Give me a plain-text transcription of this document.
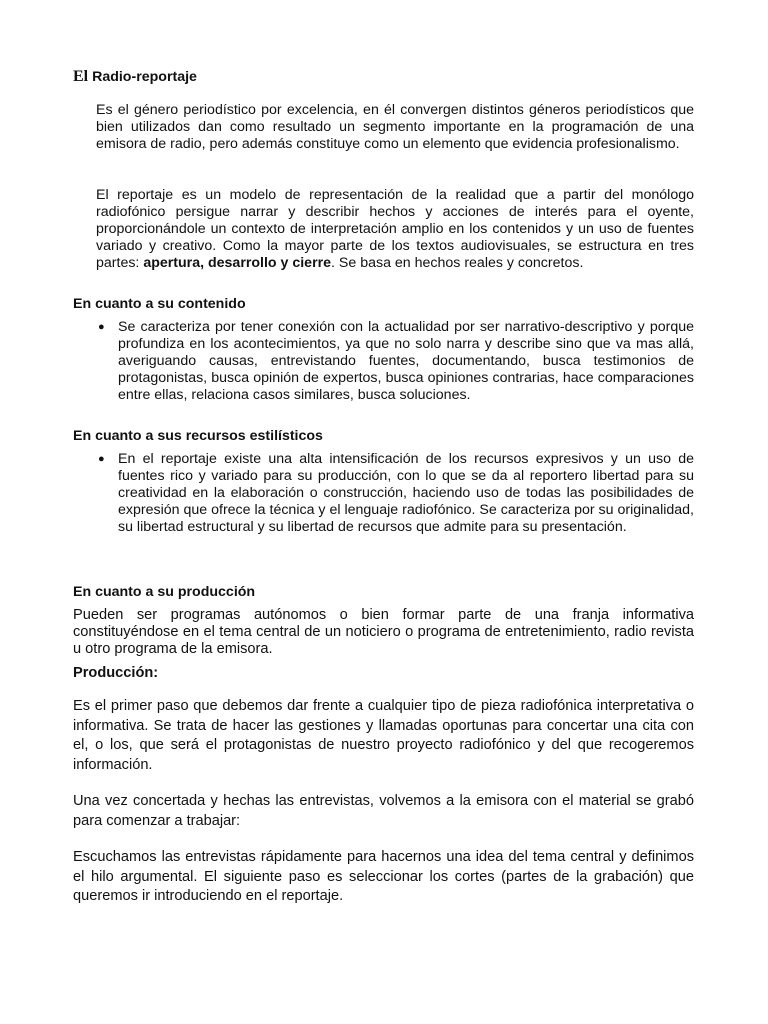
El Radio-reportaje

Es el género periodístico por excelencia, en él convergen distintos géneros periodísticos que bien utilizados dan como resultado un segmento importante en la programación de una emisora de radio, pero además constituye como un elemento que evidencia profesionalismo.

El reportaje es un modelo de representación de la realidad que a partir del monólogo radiofónico persigue narrar y describir hechos y acciones de interés para el oyente, proporcionándole un contexto de interpretación amplio en los contenidos y un uso de fuentes variado y creativo. Como la mayor parte de los textos audiovisuales, se estructura en tres partes: apertura, desarrollo y cierre. Se basa en hechos reales y concretos.

En cuanto a su contenido
● Se caracteriza por tener conexión con la actualidad por ser narrativo-descriptivo y porque profundiza en los acontecimientos, ya que no solo narra y describe sino que va mas allá, averiguando causas, entrevistando fuentes, documentando, busca testimonios de protagonistas, busca opinión de expertos, busca opiniones contrarias, hace comparaciones entre ellas, relaciona casos similares, busca soluciones.
En cuanto a sus recursos estilísticos
● En el reportaje existe una alta intensificación de los recursos expresivos y un uso de fuentes rico y variado para su producción, con lo que se da al reportero libertad para su creatividad en la elaboración o construcción, haciendo uso de todas las posibilidades de expresión que ofrece la técnica y el lenguaje radiofónico. Se caracteriza por su originalidad, su libertad estructural y su libertad de recursos que admite para su presentación.
En cuanto a su producción

Pueden ser programas autónomos o bien formar parte de una franja informativa constituyéndose en el tema central de un noticiero o programa de entretenimiento, radio revista u otro programa de la emisora.

Producción:

Es el primer paso que debemos dar frente a cualquier tipo de pieza radiofónica interpretativa o informativa. Se trata de hacer las gestiones y llamadas oportunas para concertar una cita con el, o los, que será el protagonistas de nuestro proyecto radiofónico y del que recogeremos información.

Una vez concertada y hechas las entrevistas, volvemos a la emisora con el material se grabó para comenzar a trabajar:

Escuchamos las entrevistas rápidamente para hacernos una idea del tema central y definimos el hilo argumental. El siguiente paso es seleccionar los cortes (partes de la grabación) que queremos ir introduciendo en el reportaje.
